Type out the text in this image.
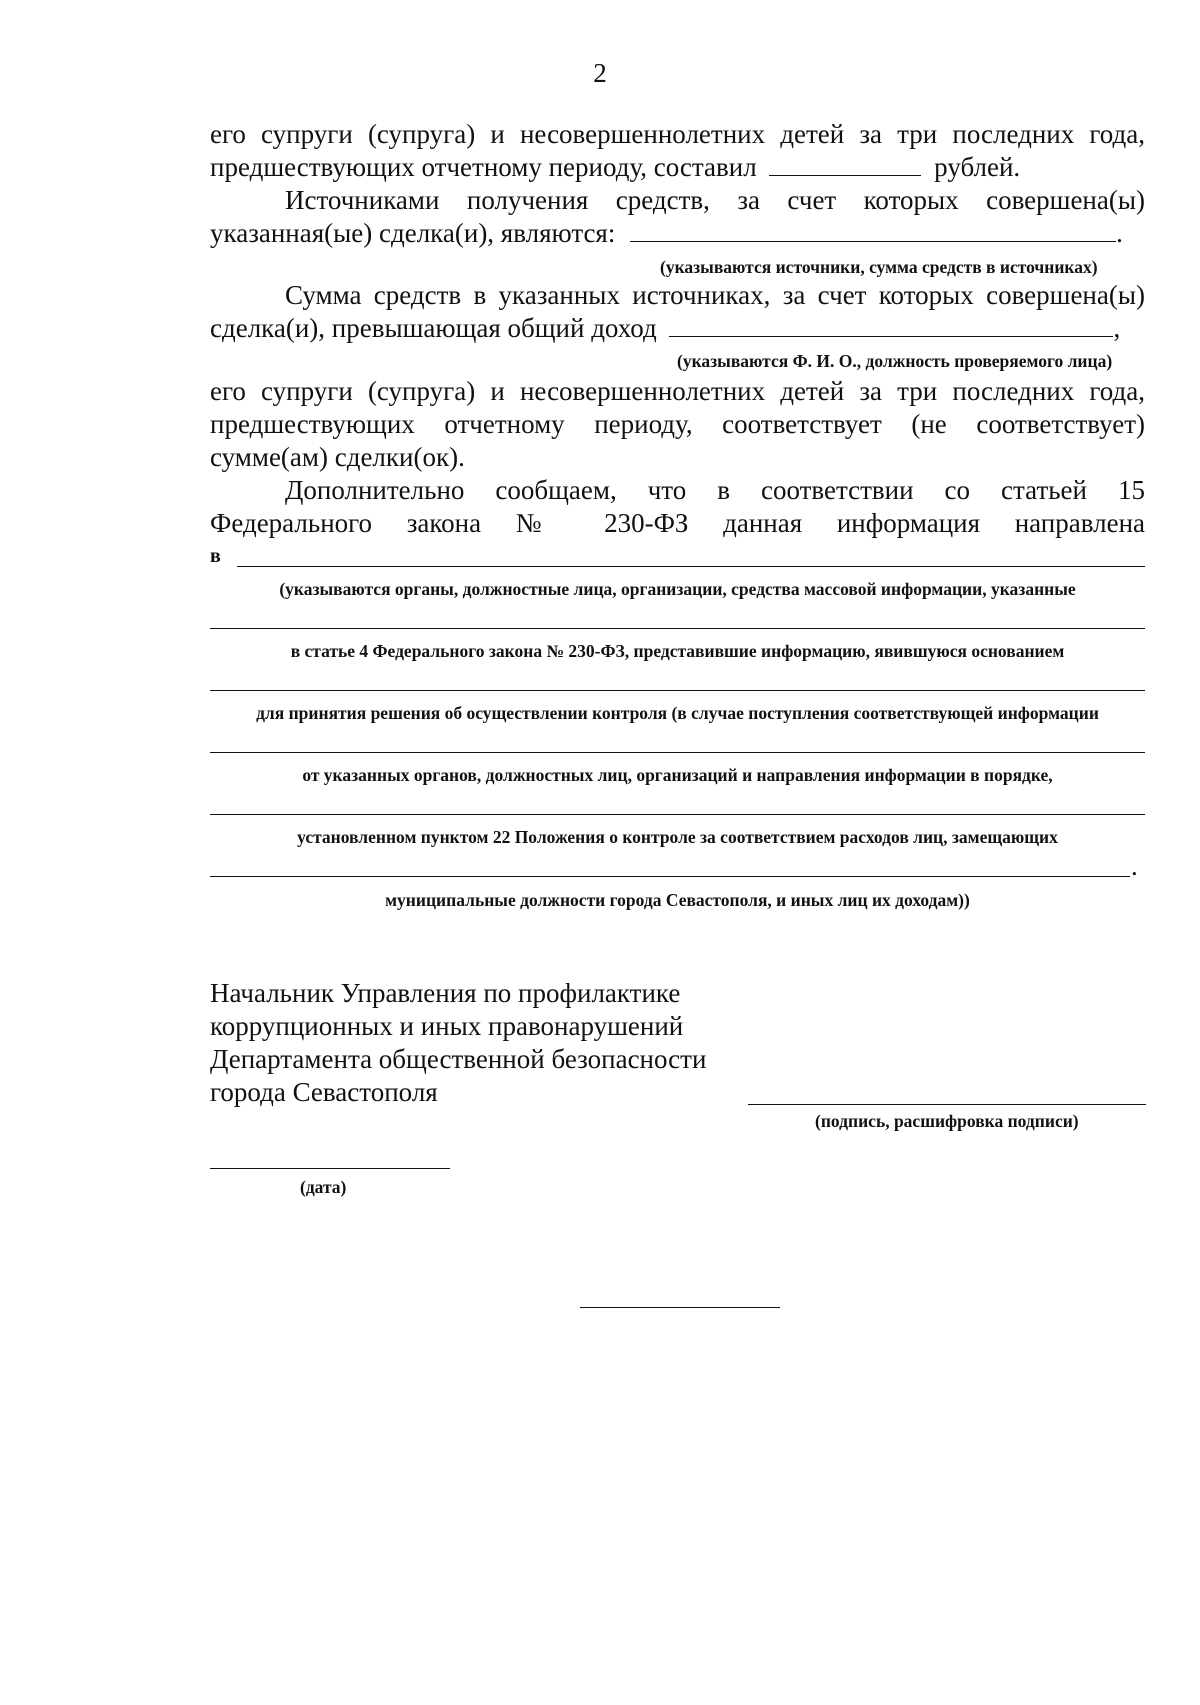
2
его супруги (супруга) и несовершеннолетних детей за три последних года,
предшествующих отчетному периоду, составил	рублей.
Источниками получения средств, за счет которых совершена(ы)
указанная(ые) сделка(и), являются:	.
(указываются источники, сумма средств в источниках)
Сумма средств в указанных источниках, за счет которых совершена(ы)
сделка(и), превышающая общий доход	,
(указываются Ф. И. О., должность проверяемого лица)
его супруги (супруга) и несовершеннолетних детей за три последних года,
предшествующих отчетному периоду, соответствует (не соответствует)
сумме(ам) сделки(ок).
Дополнительно сообщаем, что в соответствии со статьей 15
Федерального закона № 230-ФЗ данная информация направлена
в
(указываются органы, должностные лица, организации, средства массовой информации, указанные
в статье 4 Федерального закона № 230-ФЗ, представившие информацию, явившуюся основанием
для принятия решения об осуществлении контроля (в случае поступления соответствующей информации
от указанных органов, должностных лиц, организаций и направления информации в порядке,
установленном пунктом 22 Положения о контроле за соответствием расходов лиц, замещающих
.
муниципальные должности города Севастополя, и иных лиц их доходам))
Начальник Управления по профилактике
коррупционных и иных правонарушений
Департамента общественной безопасности
города Севастополя
(подпись, расшифровка подписи)
(дата)
